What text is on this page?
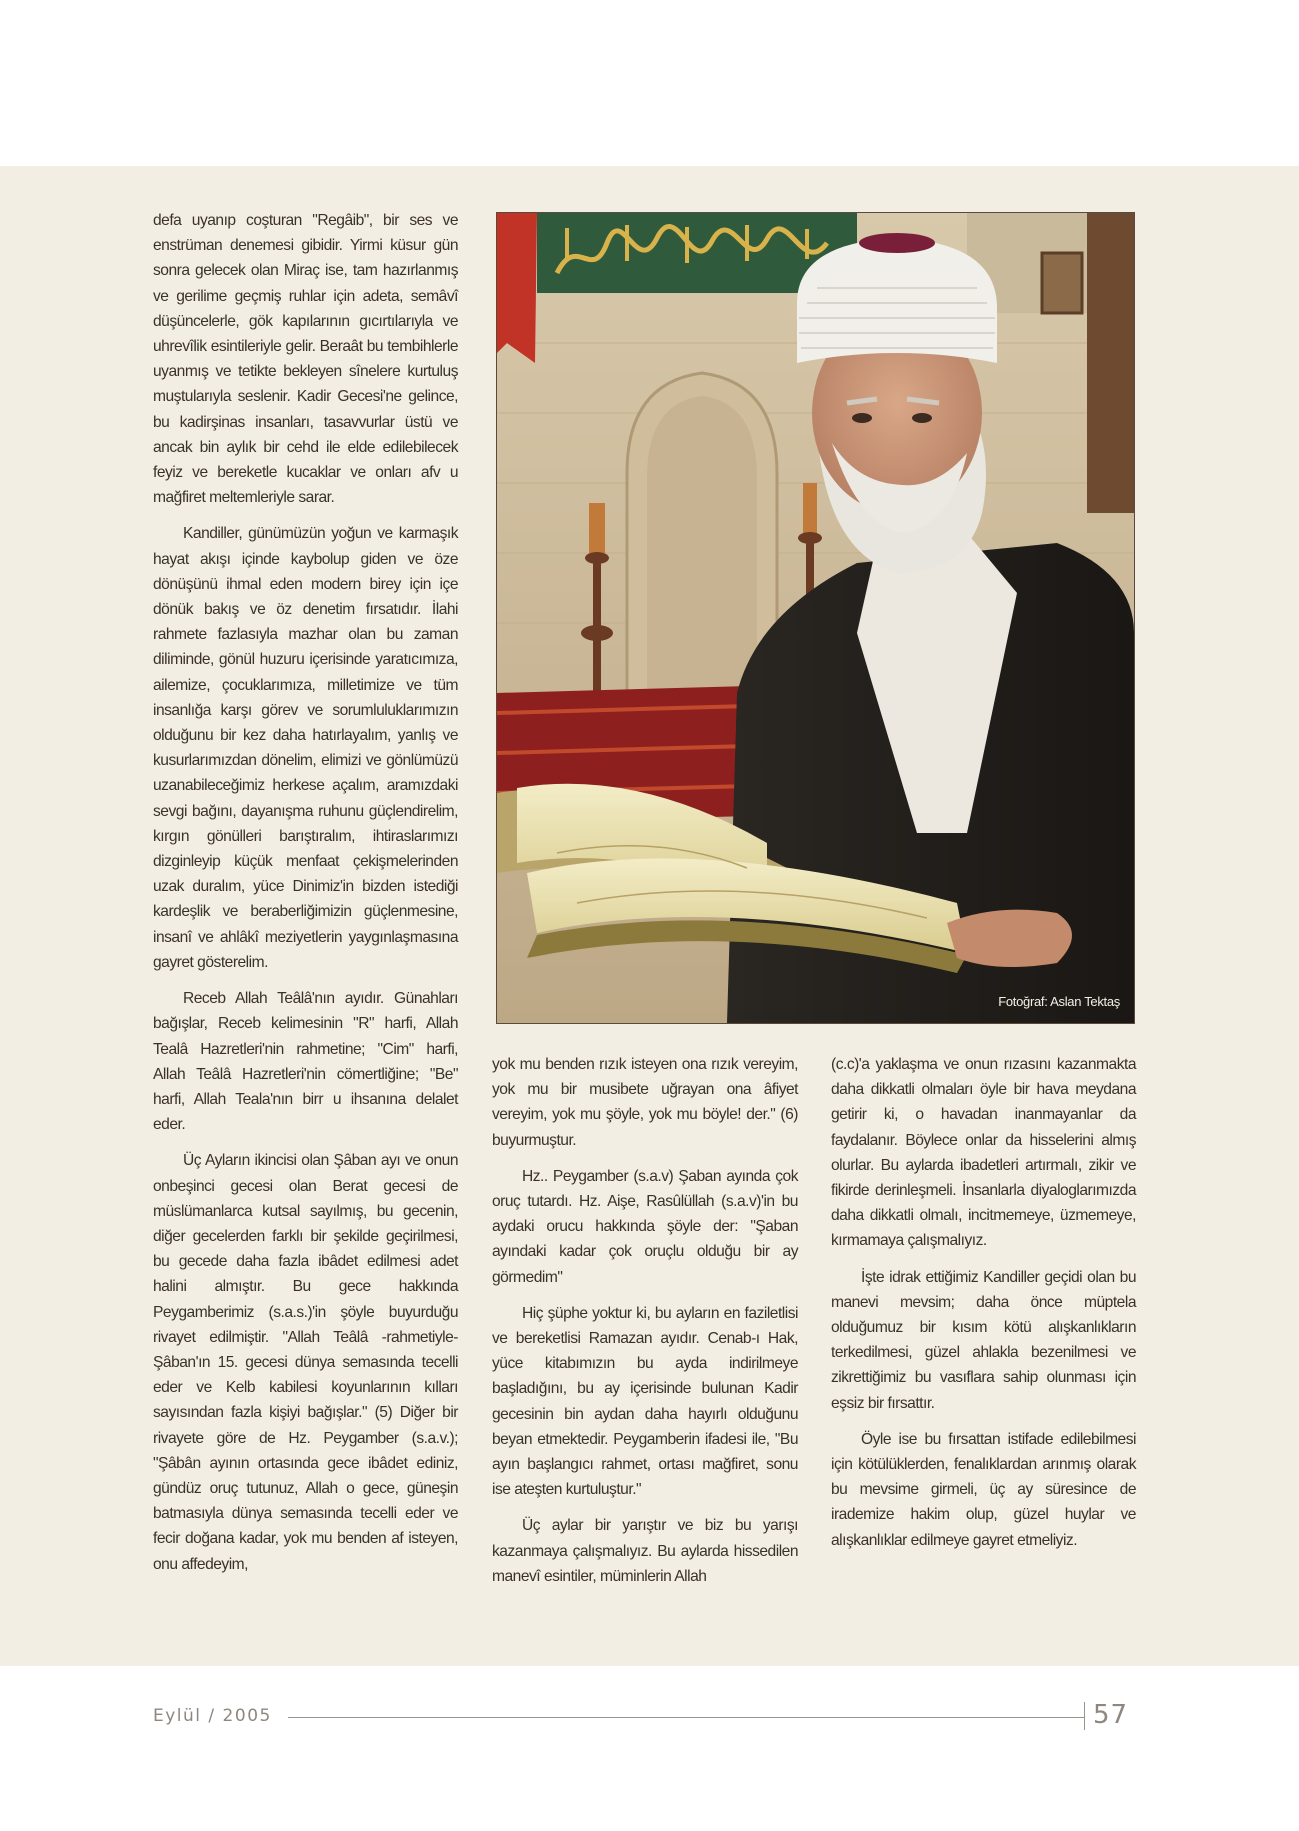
defa uyanıp coşturan "Regâib", bir ses ve enstrüman denemesi gibidir. Yirmi küsur gün sonra gelecek olan Miraç ise, tam hazırlanmış ve gerilime geçmiş ruhlar için adeta, semâvî düşüncelerle, gök kapılarının gıcırtılarıyla ve uhrevîlik esintileriyle gelir. Beraât bu tembihlerle uyanmış ve tetikte bekleyen sînelere kurtuluş muştularıyla seslenir. Kadir Gecesi'ne gelince, bu kadirşinas insanları, tasavvurlar üstü ve ancak bin aylık bir cehd ile elde edilebilecek feyiz ve bereketle kucaklar ve onları afv u mağfiret meltemleriyle sarar.

Kandiller, günümüzün yoğun ve karmaşık hayat akışı içinde kaybolup giden ve öze dönüşünü ihmal eden modern birey için içe dönük bakış ve öz denetim fırsatıdır. İlahi rahmete fazlasıyla mazhar olan bu zaman diliminde, gönül huzuru içerisinde yaratıcımıza, ailemize, çocuklarımıza, milletimize ve tüm insanlığa karşı görev ve sorumluluklarımızın olduğunu bir kez daha hatırlayalım, yanlış ve kusurlarımızdan dönelim, elimizi ve gönlümüzü uzanabileceğimiz herkese açalım, aramızdaki sevgi bağını, dayanışma ruhunu güçlendirelim, kırgın gönülleri barıştıralım, ihtiraslarımızı dizginleyip küçük menfaat çekişmelerinden uzak duralım, yüce Dinimiz'in bizden istediği kardeşlik ve beraberliğimizin güçlenmesine, insanî ve ahlâkî meziyetlerin yaygınlaşmasına gayret gösterelim.

Receb Allah Teâlâ'nın ayıdır. Günahları bağışlar, Receb kelimesinin "R" harfi, Allah Tealâ Hazretleri'nin rahmetine; "Cim" harfi, Allah Teâlâ Hazretleri'nin cömertliğine; "Be" harfi, Allah Teala'nın birr u ihsanına delalet eder.

Üç Ayların ikincisi olan Şâban ayı ve onun onbeşinci gecesi olan Berat gecesi de müslümanlarca kutsal sayılmış, bu gecenin, diğer gecelerden farklı bir şekilde geçirilmesi, bu gecede daha fazla ibâdet edilmesi adet halini almıştır. Bu gece hakkında Peygamberimiz (s.a.s.)'in şöyle buyurduğu rivayet edilmiştir. "Allah Teâlâ -rahmetiyle- Şâban'ın 15. gecesi dünya semasında tecelli eder ve Kelb kabilesi koyunlarının kılları sayısından fazla kişiyi bağışlar." (5) Diğer bir rivayete göre de Hz. Peygamber (s.a.v.); "Şâbân ayının ortasında gece ibâdet ediniz, gündüz oruç tutunuz, Allah o gece, güneşin batmasıyla dünya semasında tecelli eder ve fecir doğana kadar, yok mu benden af isteyen, onu affedeyim,

Fotoğraf: Aslan Tektaş

yok mu benden rızık isteyen ona rızık vereyim, yok mu bir musibete uğrayan ona âfiyet vereyim, yok mu şöyle, yok mu böyle! der." (6) buyurmuştur.

Hz.. Peygamber (s.a.v) Şaban ayında çok oruç tutardı. Hz. Aişe, Rasûlüllah (s.a.v)'in bu aydaki orucu hakkında şöyle der: "Şaban ayındaki kadar çok oruçlu olduğu bir ay görmedim"

Hiç şüphe yoktur ki, bu ayların en faziletlisi ve bereketlisi Ramazan ayıdır. Cenab-ı Hak, yüce kitabımızın bu ayda indirilmeye başladığını, bu ay içerisinde bulunan Kadir gecesinin bin aydan daha hayırlı olduğunu beyan etmektedir. Peygamberin ifadesi ile, "Bu ayın başlangıcı rahmet, ortası mağfiret, sonu ise ateşten kurtuluştur."

Üç aylar bir yarıştır ve biz bu yarışı kazanmaya çalışmalıyız. Bu aylarda hissedilen manevî esintiler, müminlerin Allah

(c.c)'a yaklaşma ve onun rızasını kazanmakta daha dikkatli olmaları öyle bir hava meydana getirir ki, o havadan inanmayanlar da faydalanır. Böylece onlar da hisselerini almış olurlar. Bu aylarda ibadetleri artırmalı, zikir ve fikirde derinleşmeli. İnsanlarla diyaloglarımızda daha dikkatli olmalı, incitmemeye, üzmemeye, kırmamaya çalışmalıyız.

İşte idrak ettiğimiz Kandiller geçidi olan bu manevi mevsim; daha önce müptela olduğumuz bir kısım kötü alışkanlıkların terkedilmesi, güzel ahlakla bezenilmesi ve zikrettiğimiz bu vasıflara sahip olunması için eşsiz bir fırsattır.

Öyle ise bu fırsattan istifade edilebilmesi için kötülüklerden, fenalıklardan arınmış olarak bu mevsime girmeli, üç ay süresince de irademize hakim olup, güzel huylar ve alışkanlıklar edilmeye gayret etmeliyiz.

Eylül / 2005	57
